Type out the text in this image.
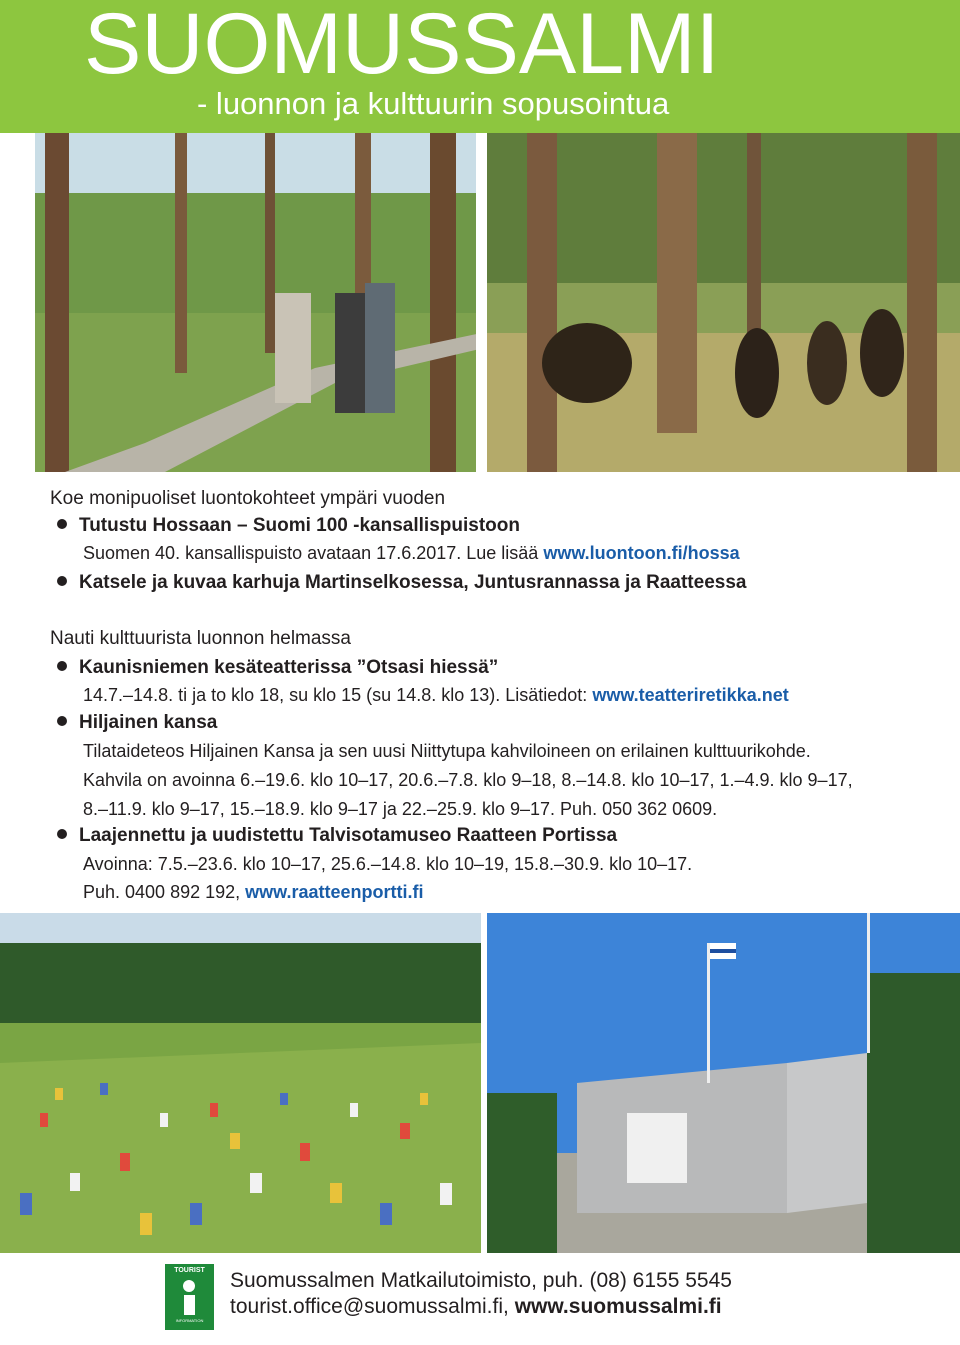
SUOMUSSALMI
- luonnon ja kulttuurin sopusointua
Koe monipuoliset luontokohteet ympäri vuoden
Tutustu Hossaan – Suomi 100 -kansallispuistoon
Suomen 40. kansallispuisto avataan 17.6.2017. Lue lisää www.luontoon.fi/hossa
Katsele ja kuvaa karhuja Martinselkosessa, Juntusrannassa ja Raatteessa
Nauti kulttuurista luonnon helmassa
Kaunisniemen kesäteatterissa ”Otsasi hiessä”
14.7.–14.8. ti ja to klo 18, su klo 15 (su 14.8. klo 13). Lisätiedot: www.teatteriretikka.net
Hiljainen kansa
Tilataideteos Hiljainen Kansa ja sen uusi Niittytupa kahviloineen on erilainen kulttuurikohde.
Kahvila on avoinna 6.–19.6. klo 10–17, 20.6.–7.8. klo 9–18, 8.–14.8. klo 10–17, 1.–4.9. klo 9–17,
8.–11.9. klo 9–17, 15.–18.9. klo 9–17 ja 22.–25.9. klo 9–17. Puh. 050 362 0609.
Laajennettu ja uudistettu Talvisotamuseo Raatteen Portissa
Avoinna: 7.5.–23.6. klo 10–17, 25.6.–14.8. klo 10–19, 15.8.–30.9. klo 10–17.
Puh. 0400 892 192, www.raatteenportti.fi
TOURIST
INFORMATION
Suomussalmen Matkailutoimisto, puh. (08) 6155 5545
tourist.office@suomussalmi.fi, www.suomussalmi.fi
